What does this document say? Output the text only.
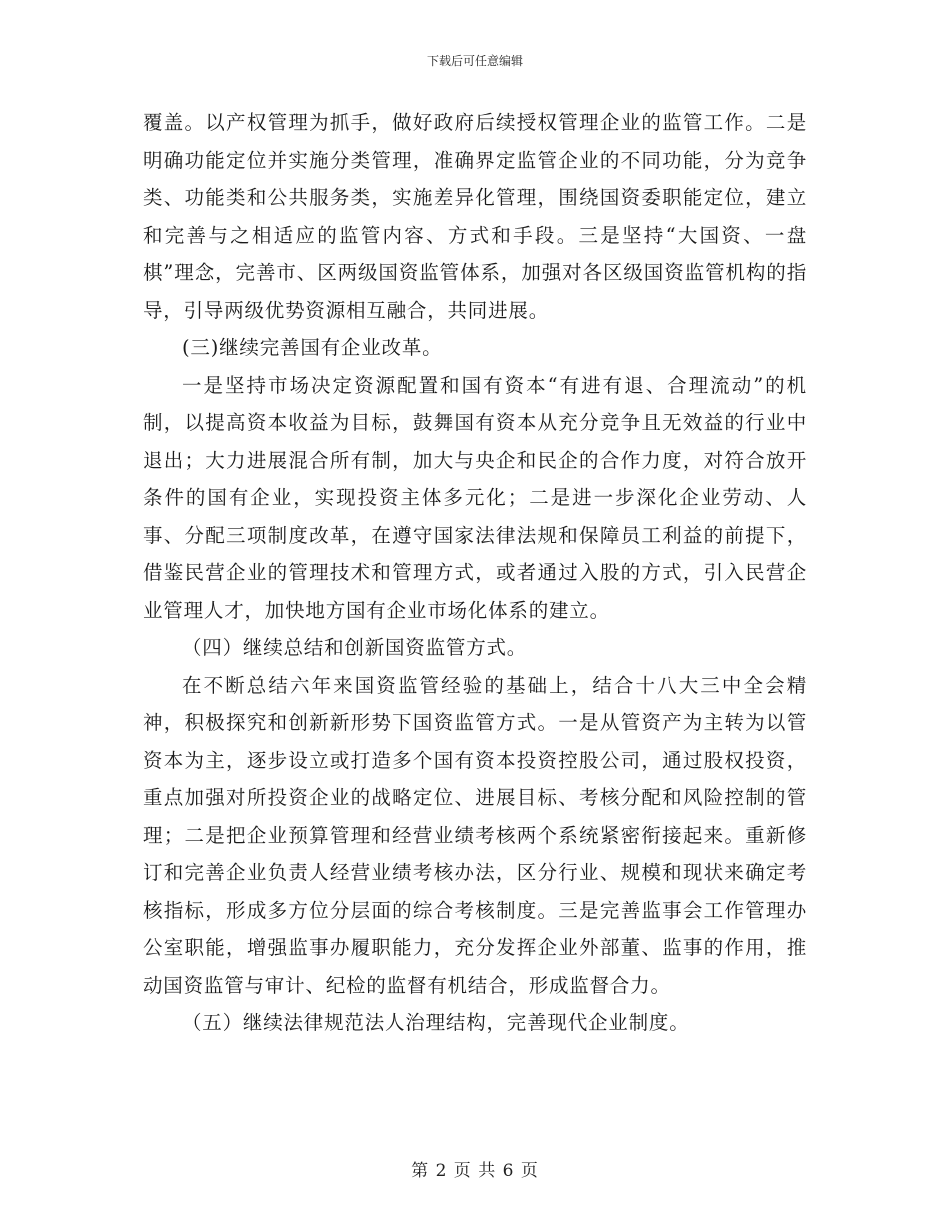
下载后可任意编辑

覆盖。以产权管理为抓手，做好政府后续授权管理企业的监管工作。二是明确功能定位并实施分类管理，准确界定监管企业的不同功能，分为竞争类、功能类和公共服务类，实施差异化管理，围绕国资委职能定位，建立和完善与之相适应的监管内容、方式和手段。三是坚持“大国资、一盘棋”理念，完善市、区两级国资监管体系，加强对各区级国资监管机构的指导，引导两级优势资源相互融合，共同进展。

(三)继续完善国有企业改革。

一是坚持市场决定资源配置和国有资本“有进有退、合理流动”的机制，以提高资本收益为目标，鼓舞国有资本从充分竞争且无效益的行业中退出；大力进展混合所有制，加大与央企和民企的合作力度，对符合放开条件的国有企业，实现投资主体多元化；二是进一步深化企业劳动、人事、分配三项制度改革，在遵守国家法律法规和保障员工利益的前提下，借鉴民营企业的管理技术和管理方式，或者通过入股的方式，引入民营企业管理人才，加快地方国有企业市场化体系的建立。

（四）继续总结和创新国资监管方式。

在不断总结六年来国资监管经验的基础上，结合十八大三中全会精神，积极探究和创新新形势下国资监管方式。一是从管资产为主转为以管资本为主，逐步设立或打造多个国有资本投资控股公司，通过股权投资，重点加强对所投资企业的战略定位、进展目标、考核分配和风险控制的管理；二是把企业预算管理和经营业绩考核两个系统紧密衔接起来。重新修订和完善企业负责人经营业绩考核办法，区分行业、规模和现状来确定考核指标，形成多方位分层面的综合考核制度。三是完善监事会工作管理办公室职能，增强监事办履职能力，充分发挥企业外部董、监事的作用，推动国资监管与审计、纪检的监督有机结合，形成监督合力。

（五）继续法律规范法人治理结构，完善现代企业制度。

第 2 页 共 6 页
